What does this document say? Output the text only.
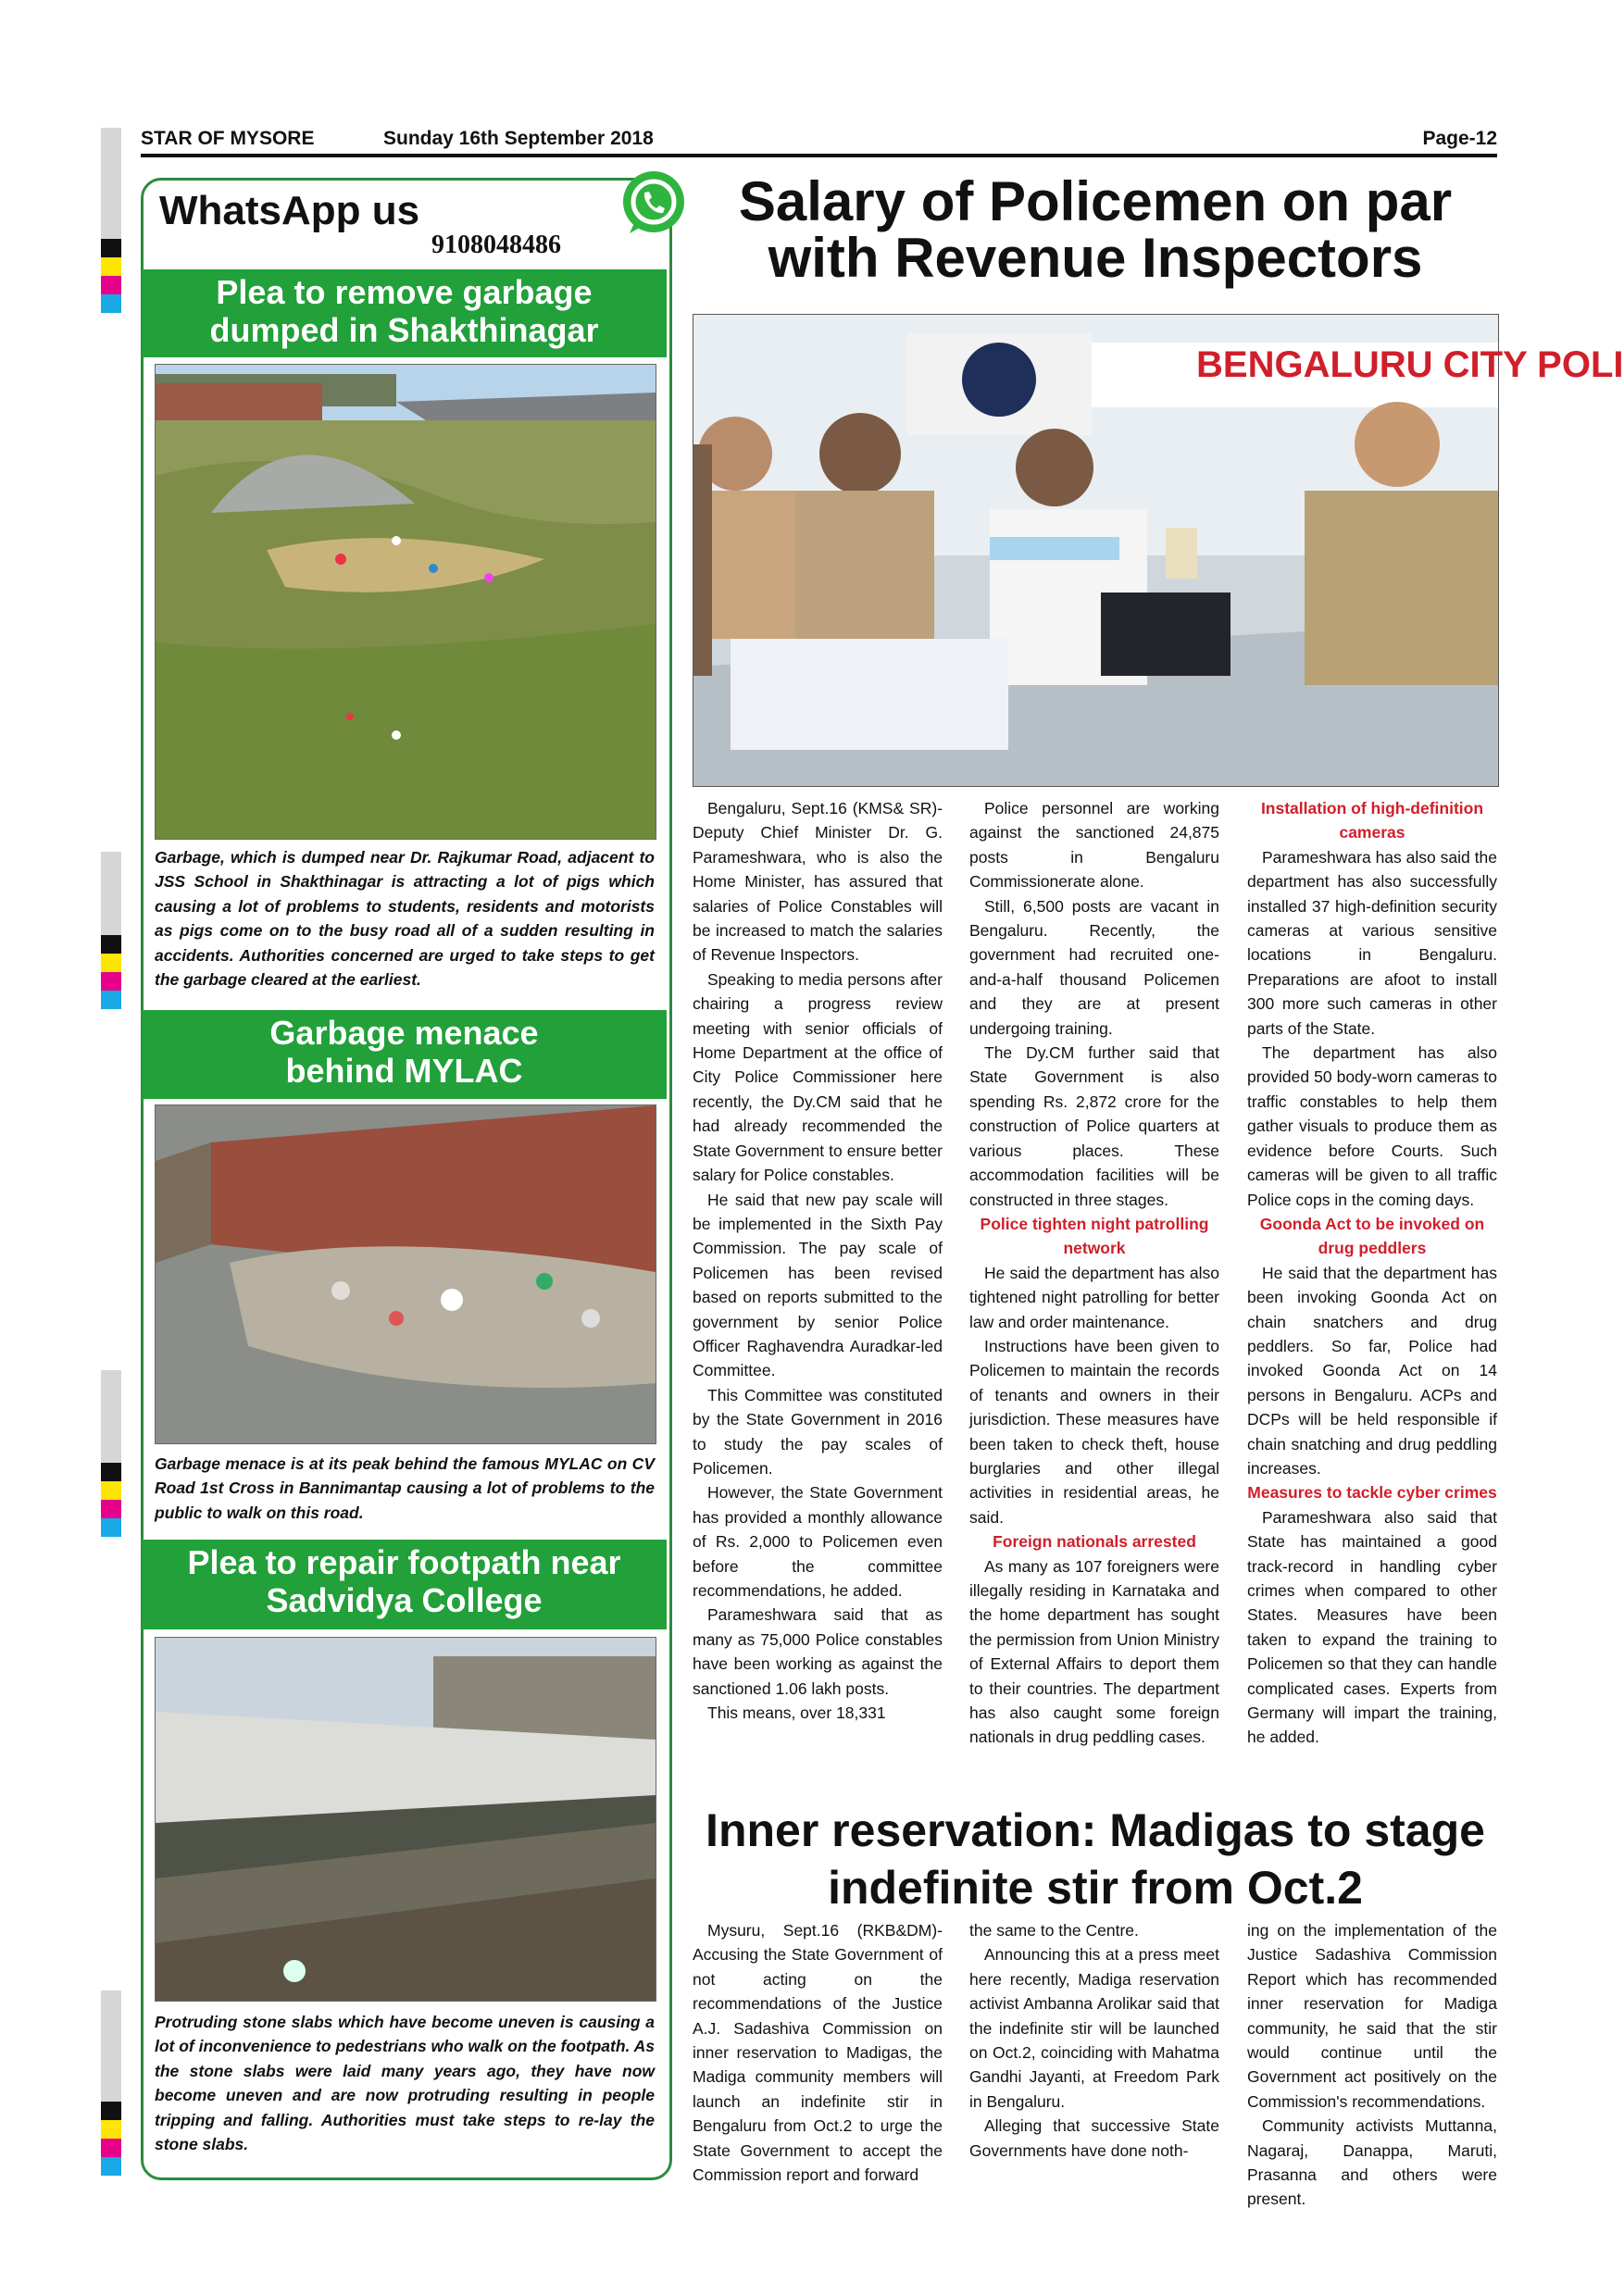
STAR OF MYSORE	Sunday 16th September 2018	Page-12
WhatsApp us
9108048486
Plea to remove garbage
dumped in Shakthinagar
Garbage, which is dumped near Dr. Rajkumar Road, adjacent to JSS School in Shakthinagar is attracting a lot of pigs which causing a lot of problems to students, residents and motorists as pigs come on to the busy road all of a sudden resulting in accidents. Authorities concerned are urged to take steps to get the garbage cleared at the earliest.
Garbage menace
behind MYLAC
Garbage menace is at its peak behind the famous MYLAC on CV Road 1st Cross in Bannimantap causing a lot of problems to the public to walk on this road.
Plea to repair footpath near
Sadvidya College
Protruding stone slabs which have become uneven is causing a lot of inconvenience to pedestrians who walk on the footpath. As the stone slabs were laid many years ago, they have now become uneven and are now protruding resulting in people tripping and falling. Authorities must take steps to re-lay the stone slabs.
Salary of Policemen on par
with Revenue Inspectors
BENGALURU CITY POLI

Bengaluru, Sept.16 (KMS& SR)- Deputy Chief Minister Dr. G. Parameshwara, who is also the Home Minister, has assured that salaries of Police Constables will be increased to match the salaries of Revenue Inspectors.

Speaking to media persons after chairing a progress review meeting with senior officials of Home Department at the office of City Police Commissioner here recently, the Dy.CM said that he had already recommended the State Government to ensure better salary for Police constables.

He said that new pay scale will be implemented in the Sixth Pay Commission. The pay scale of Policemen has been revised based on reports submitted to the government by senior Police Officer Raghavendra Auradkar-led Committee.

This Committee was constituted by the State Government in 2016 to study the pay scales of Policemen.

However, the State Government has provided a monthly allowance of Rs. 2,000 to Policemen even before the committee recommendations, he added.

Parameshwara said that as many as 75,000 Police constables have been working as against the sanctioned 1.06 lakh posts.

This means, over 18,331

Police personnel are working against the sanctioned 24,875 posts in Bengaluru Commissionerate alone.

Still, 6,500 posts are vacant in Bengaluru. Recently, the government had recruited one-and-a-half thousand Policemen and they are at present undergoing training.

The Dy.CM further said that State Government is also spending Rs. 2,872 crore for the construction of Police quarters at various places. These accommodation facilities will be constructed in three stages.

Police tighten night patrolling network

He said the department has also tightened night patrolling for better law and order maintenance.

Instructions have been given to Policemen to maintain the records of tenants and owners in their jurisdiction. These measures have been taken to check theft, house burglaries and other illegal activities in residential areas, he said.

Foreign nationals arrested

As many as 107 foreigners were illegally residing in Karnataka and the home department has sought the permission from Union Ministry of External Affairs to deport them to their countries. The department has also caught some foreign nationals in drug peddling cases.

Installation of high-definition cameras

Parameshwara has also said the department has also successfully installed 37 high-definition security cameras at various sensitive locations in Bengaluru. Preparations are afoot to install 300 more such cameras in other parts of the State.

The department has also provided 50 body-worn cameras to traffic constables to help them gather visuals to produce them as evidence before Courts. Such cameras will be given to all traffic Police cops in the coming days.

Goonda Act to be invoked on drug peddlers

He said that the department has been invoking Goonda Act on chain snatchers and drug peddlers. So far, Police had invoked Goonda Act on 14 persons in Bengaluru. ACPs and DCPs will be held responsible if chain snatching and drug peddling increases.

Measures to tackle cyber crimes

Parameshwara also said that State has maintained a good track-record in handling cyber crimes when compared to other States. Measures have been taken to expand the training to Policemen so that they can handle complicated cases. Experts from Germany will impart the training, he added.

Inner reservation: Madigas to stage
indefinite stir from Oct.2

Mysuru, Sept.16 (RKB&DM)- Accusing the State Government of not acting on the recommendations of the Justice A.J. Sadashiva Commission on inner reservation to Madigas, the Madiga community members will launch an indefinite stir in Bengaluru from Oct.2 to urge the State Government to accept the Commission report and forward

the same to the Centre.

Announcing this at a press meet here recently, Madiga reservation activist Ambanna Arolikar said that the indefinite stir will be launched on Oct.2, coinciding with Mahatma Gandhi Jayanti, at Freedom Park in Bengaluru.

Alleging that successive State Governments have done noth-

ing on the implementation of the Justice Sadashiva Commission Report which has recommended inner reservation for Madiga community, he said that the stir would continue until the Government act positively on the Commission's recommendations.

Community activists Muttanna, Nagaraj, Danappa, Maruti, Prasanna and others were present.
